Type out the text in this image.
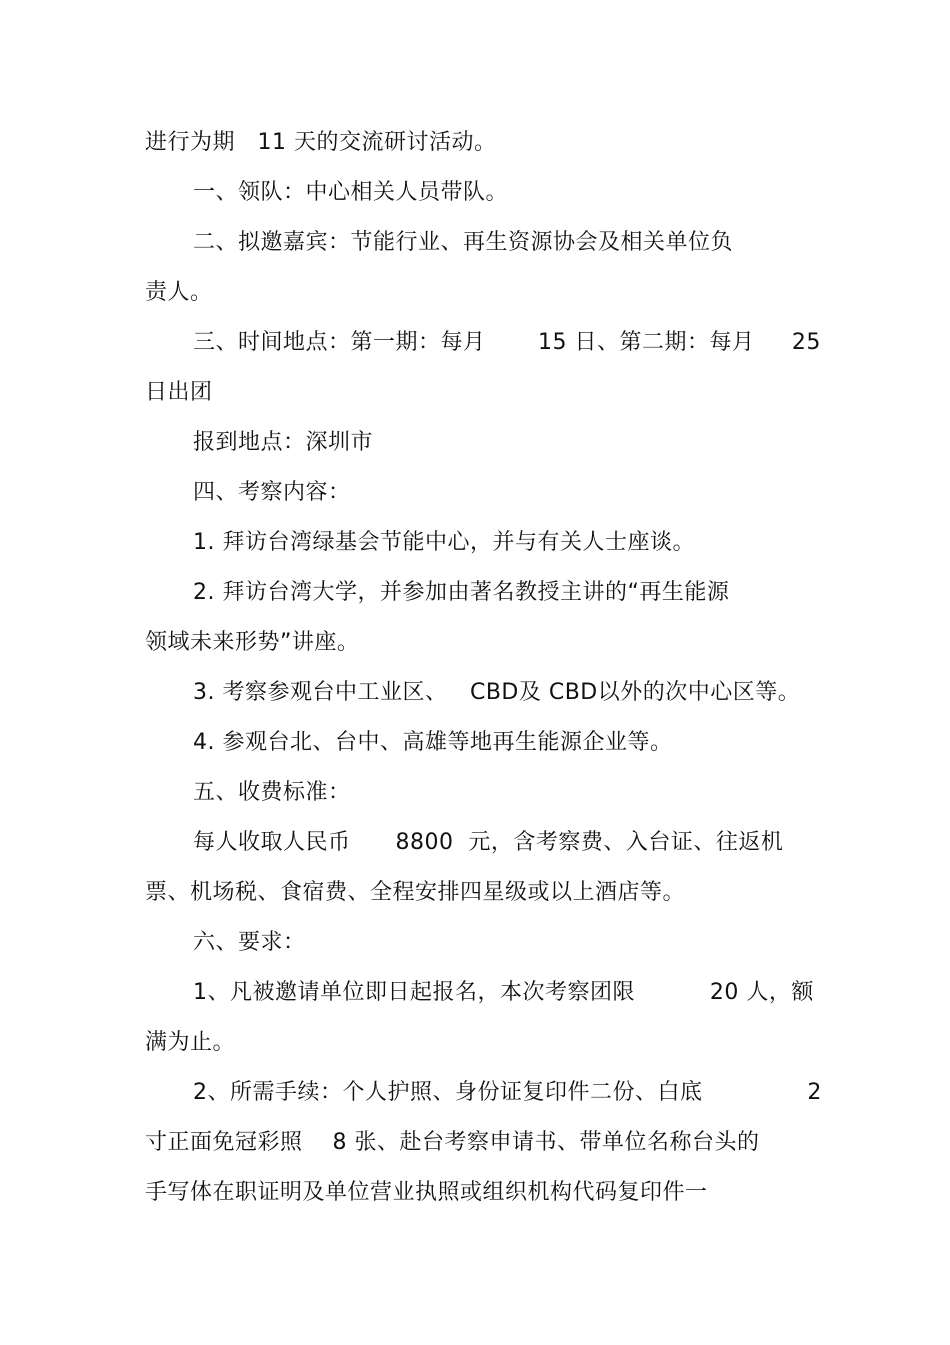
进行为期   11 天的交流研讨活动。
一、领队：中心相关人员带队。
二、拟邀嘉宾：节能行业、再生资源协会及相关单位负
责人。
三、时间地点：第一期：每月       15 日、第二期：每月     25
日出团
报到地点：深圳市
四、考察内容：
1. 拜访台湾绿基会节能中心，并与有关人士座谈。
2. 拜访台湾大学，并参加由著名教授主讲的“再生能源
领域未来形势”讲座。
3. 考察参观台中工业区、   CBD及 CBD以外的次中心区等。
4. 参观台北、台中、高雄等地再生能源企业等。
五、收费标准：
每人收取人民币      8800  元，含考察费、入台证、往返机
票、机场税、食宿费、全程安排四星级或以上酒店等。
六、要求：
1、凡被邀请单位即日起报名，本次考察团限          20 人，额
满为止。
2、所需手续：个人护照、身份证复印件二份、白底              2
寸正面免冠彩照    8 张、赴台考察申请书、带单位名称台头的
手写体在职证明及单位营业执照或组织机构代码复印件一
